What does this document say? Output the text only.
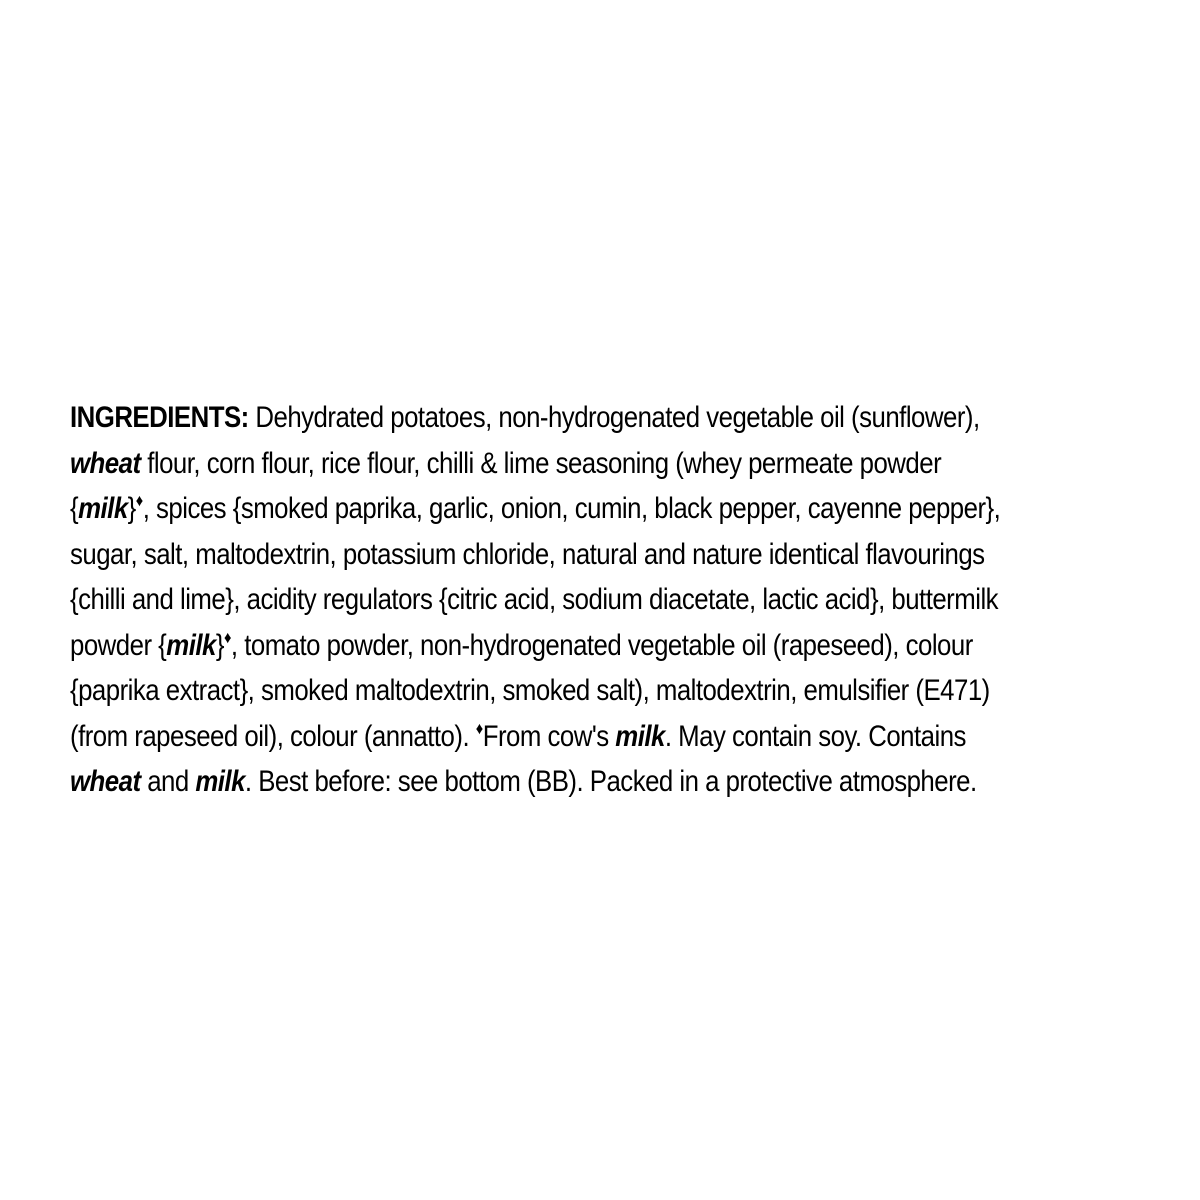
INGREDIENTS: Dehydrated potatoes, non-hydrogenated vegetable oil (sunflower),
wheat flour, corn flour, rice flour, chilli & lime seasoning (whey permeate powder
{milk}♦, spices {smoked paprika, garlic, onion, cumin, black pepper, cayenne pepper},
sugar, salt, maltodextrin, potassium chloride, natural and nature identical flavourings
{chilli and lime}, acidity regulators {citric acid, sodium diacetate, lactic acid}, buttermilk
powder {milk}♦, tomato powder, non-hydrogenated vegetable oil (rapeseed), colour
{paprika extract}, smoked maltodextrin, smoked salt), maltodextrin, emulsifier (E471)
(from rapeseed oil), colour (annatto). ♦From cow's milk. May contain soy. Contains
wheat and milk. Best before: see bottom (BB). Packed in a protective atmosphere.
